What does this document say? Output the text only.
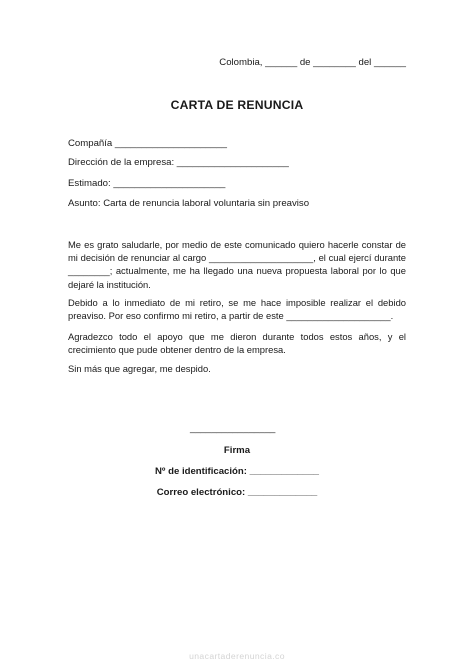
Colombia, ______ de ________ del ______
CARTA DE RENUNCIA
Compañía _____________________
Dirección de la empresa: _____________________
Estimado: _____________________
Asunto: Carta de renuncia laboral voluntaria sin preaviso

Me es grato saludarle, por medio de este comunicado quiero hacerle constar de mi decisión de renunciar al cargo ____________________, el cual ejercí durante ________; actualmente, me ha llegado una nueva propuesta laboral por lo que dejaré la institución.

Debido a lo inmediato de mi retiro, se me hace imposible realizar el debido preaviso. Por eso confirmo mi retiro, a partir de este ____________________.

Agradezco todo el apoyo que me dieron durante todos estos años, y el crecimiento que pude obtener dentro de la empresa.

Sin más que agregar, me despido.

________________
Firma
Nº de identificación: _____________
Correo electrónico: _____________
unacartaderenuncia.co
